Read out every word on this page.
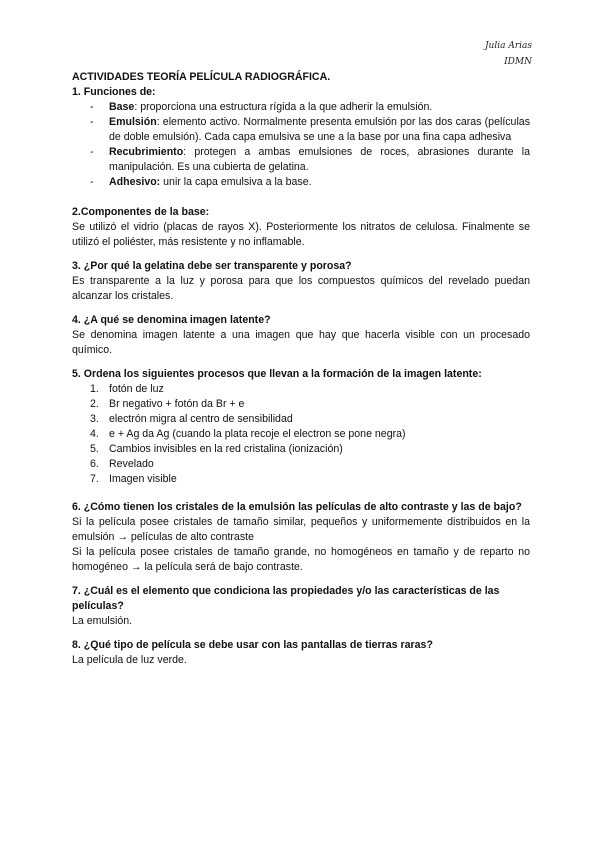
Julia Arias
IDMN
ACTIVIDADES TEORÍA PELÍCULA RADIOGRÁFICA.
1. Funciones de:
- Base: proporciona una estructura rígida a la que adherir la emulsión.
- Emulsión: elemento activo. Normalmente presenta emulsión por las dos caras (películas de doble emulsión). Cada capa emulsiva se une a la base por una fina capa adhesiva
- Recubrimiento: protegen a ambas emulsiones de roces, abrasiones durante la manipulación. Es una cubierta de gelatina.
- Adhesivo: unir la capa emulsiva a la base.
2.Componentes de la base:
Se utilizó el vidrio (placas de rayos X). Posteriormente los nitratos de celulosa. Finalmente se utilizó el poliéster, más resistente y no inflamable.
3. ¿Por qué la gelatina debe ser transparente y porosa?
Es transparente a la luz y porosa para que los compuestos químicos del revelado puedan alcanzar los cristales.
4. ¿A qué se denomina imagen latente?
Se denomina imagen latente a una imagen que hay que hacerla visible con un procesado químico.
5. Ordena los siguientes procesos que llevan a la formación de la imagen latente:
1. fotón de luz
2. Br negativo + fotón da Br + e
3. electrón migra al centro de sensibilidad
4. e + Ag da Ag (cuando la plata recoje el electron se pone negra)
5. Cambios invisibles en la red cristalina (ionización)
6. Revelado
7. Imagen visible
6. ¿Cómo tienen los cristales de la emulsión las películas de alto contraste y las de bajo?
Si la película posee cristales de tamaño similar, pequeños y uniformemente distribuidos en la emulsión → películas de alto contraste
Si la película posee cristales de tamaño grande, no homogéneos en tamaño y de reparto no homogéneo → la película será de bajo contraste.
7. ¿Cuál es el elemento que condiciona las propiedades y/o las características de las películas?
La emulsión.
8. ¿Qué tipo de película se debe usar con las pantallas de tierras raras?
La película de luz verde.
